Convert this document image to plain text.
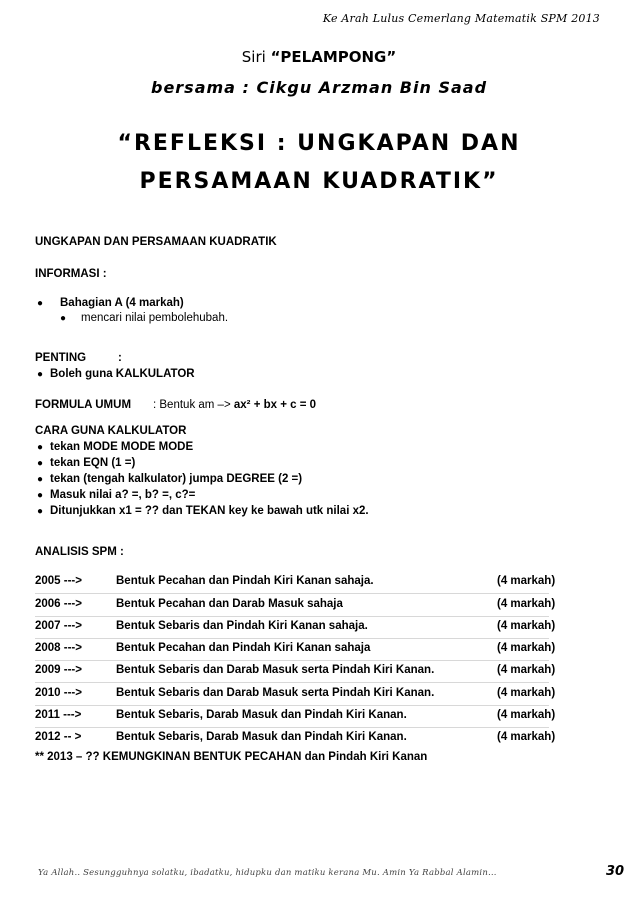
Ke Arah Lulus Cemerlang Matematik SPM 2013
Siri “PELAMPONG”
bersama : Cikgu Arzman Bin Saad
“REFLEKSI : UNGKAPAN DAN
PERSAMAAN KUADRATIK”
UNGKAPAN DAN PERSAMAAN KUADRATIK
INFORMASI :
● Bahagian A (4 markah)
● mencari nilai pembolehubah.
PENTING	:
● Boleh guna KALKULATOR
FORMULA UMUM : Bentuk am –> ax² + bx + c = 0
CARA GUNA KALKULATOR
● tekan MODE MODE MODE
● tekan EQN (1 =)
● tekan (tengah kalkulator) jumpa DEGREE (2 =)
● Masuk nilai a? =, b? =, c?=
● Ditunjukkan x1 = ?? dan TEKAN key ke bawah utk nilai x2.
ANALISIS SPM :
2005 --->	Bentuk Pecahan dan Pindah Kiri Kanan sahaja.	(4 markah)
2006 --->	Bentuk Pecahan dan Darab Masuk sahaja	(4 markah)
2007 --->	Bentuk Sebaris dan Pindah Kiri Kanan sahaja.	(4 markah)
2008 --->	Bentuk Pecahan dan Pindah Kiri Kanan sahaja	(4 markah)
2009 --->	Bentuk Sebaris dan Darab Masuk serta Pindah Kiri Kanan.	(4 markah)
2010 --->	Bentuk Sebaris dan Darab Masuk serta Pindah Kiri Kanan.	(4 markah)
2011 --->	Bentuk Sebaris, Darab Masuk dan Pindah Kiri Kanan.	(4 markah)
2012 -- >	Bentuk Sebaris, Darab Masuk dan Pindah Kiri Kanan.	(4 markah)
** 2013 – ?? KEMUNGKINAN BENTUK PECAHAN dan Pindah Kiri Kanan
Ya Allah.. Sesungguhnya solatku, ibadatku, hidupku dan matiku kerana Mu. Amin Ya Rabbal Alamin…	30
